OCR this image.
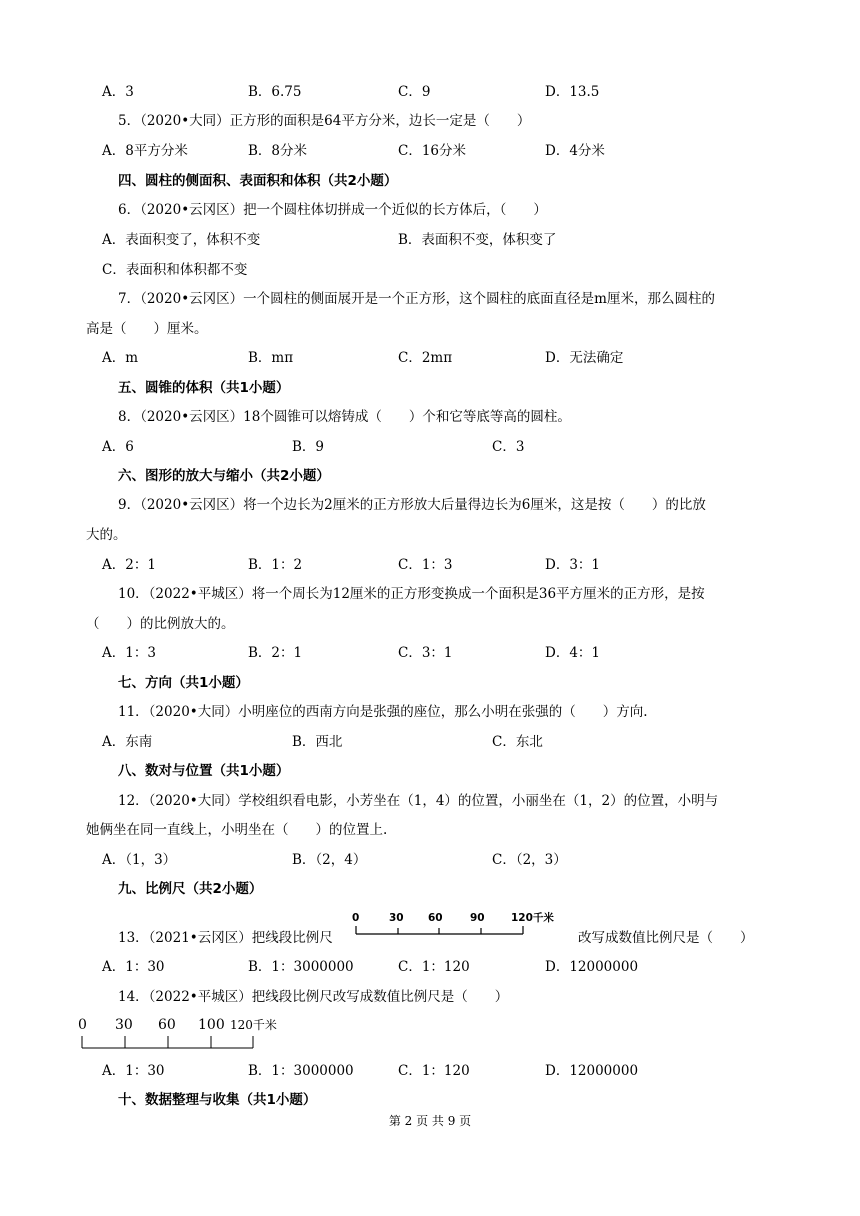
A．3	B．6.75	C．9	D．13.5
5．（2020•大同）正方形的面积是64平方分米，边长一定是（　　）
A．8平方分米	B．8分米	C．16分米	D．4分米
四、圆柱的侧面积、表面积和体积（共2小题）
6．（2020•云冈区）把一个圆柱体切拼成一个近似的长方体后，（　　）
A．表面积变了，体积不变	B．表面积不变，体积变了
C．表面积和体积都不变
7．（2020•云冈区）一个圆柱的侧面展开是一个正方形，这个圆柱的底面直径是m厘米，那么圆柱的
高是（　　）厘米。
A．m	B．mπ	C．2mπ	D．无法确定
五、圆锥的体积（共1小题）
8．（2020•云冈区）18个圆锥可以熔铸成（　　）个和它等底等高的圆柱。
A．6	B．9	C．3
六、图形的放大与缩小（共2小题）
9．（2020•云冈区）将一个边长为2厘米的正方形放大后量得边长为6厘米，这是按（　　）的比放
大的。
A．2：1	B．1：2	C．1：3	D．3：1
10．（2022•平城区）将一个周长为12厘米的正方形变换成一个面积是36平方厘米的正方形，是按
（　　）的比例放大的。
A．1：3	B．2：1	C．3：1	D．4：1
七、方向（共1小题）
11．（2020•大同）小明座位的西南方向是张强的座位，那么小明在张强的（　　）方向.
A．东南	B．西北	C．东北
八、数对与位置（共1小题）
12．（2020•大同）学校组织看电影，小芳坐在（1，4）的位置，小丽坐在（1，2）的位置，小明与
她俩坐在同一直线上，小明坐在（　　）的位置上.
A．（1，3）	B．（2，4）	C．（2，3）
九、比例尺（共2小题）
0	30 60	90	120千米
13．（2021•云冈区）把线段比例尺	改写成数值比例尺是（　　）
A．1：30	B．1：3000000	C．1：120	D．12000000
14．（2022•平城区）把线段比例尺改写成数值比例尺是（　　）
0 30 60 100 120千米
A．1：30	B．1：3000000	C．1：120	D．12000000
十、数据整理与收集（共1小题）
第 2 页 共 9 页
